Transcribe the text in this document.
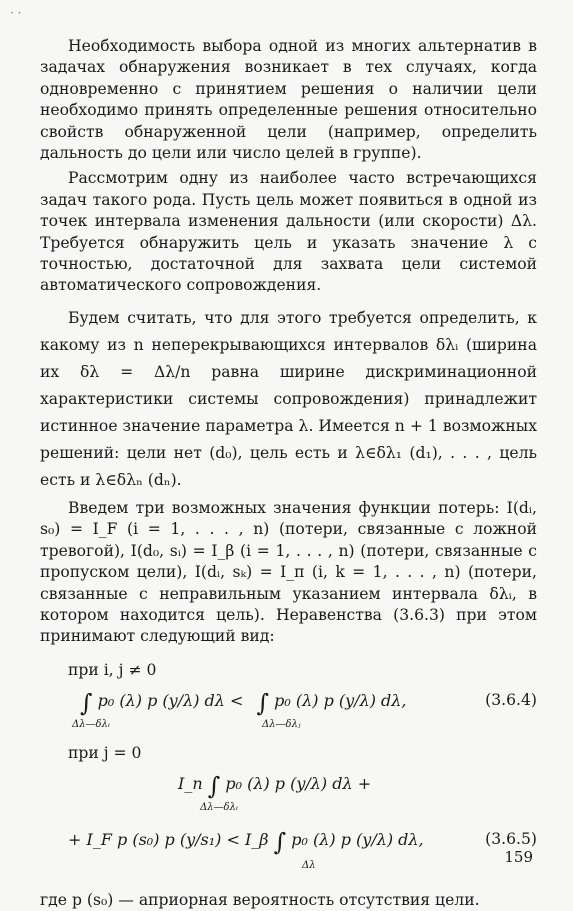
· ·

Необходимость выбора одной из многих альтернатив в задачах обнаружения возникает в тех случаях, когда одновременно с принятием решения о наличии цели необходимо принять определенные решения относительно свойств обнаруженной цели (например, определить дальность до цели или число целей в группе).

Рассмотрим одну из наиболее часто встречающихся задач такого рода. Пусть цель может появиться в одной из точек интервала изменения дальности (или скорости) Δλ. Требуется обнаружить цель и указать значение λ с точностью, достаточной для захвата цели системой автоматического сопровождения.

Будем считать, что для этого требуется определить, к какому из n неперекрывающихся интервалов δλᵢ (ширина их δλ = Δλ/n равна ширине дискриминационной характеристики системы сопровождения) принадлежит истинное значение параметра λ. Имеется n + 1 возможных решений: цели нет (d₀), цель есть и λ∈δλ₁ (d₁), . . . , цель есть и λ∈δλₙ (dₙ).

Введем три возможных значения функции потерь: I(dᵢ, s₀) = I_F (i = 1, . . . , n) (потери, связанные с ложной тревогой), I(d₀, sᵢ) = I_β (i = 1, . . . , n) (потери, связанные с пропуском цели), I(dᵢ, sₖ) = I_п (i, k = 1, . . . , n) (потери, связанные с неправильным указанием интервала δλᵢ, в котором находится цель). Неравенства (3.6.3) при этом принимают следующий вид:

при i, j ≠ 0
∫ p₀ (λ) p (y/λ) dλ < ∫ p₀ (λ) p (y/λ) dλ,
Δλ—δλᵢ	Δλ—δλⱼ
(3.6.4)
при j = 0
I_п ∫ p₀ (λ) p (y/λ) dλ +
Δλ—δλᵢ
+ I_F p (s₀) p (y/s₁) < I_β ∫ p₀ (λ) p (y/λ) dλ,
Δλ
(3.6.5)

где p (s₀) — априорная вероятность отсутствия цели.

159
